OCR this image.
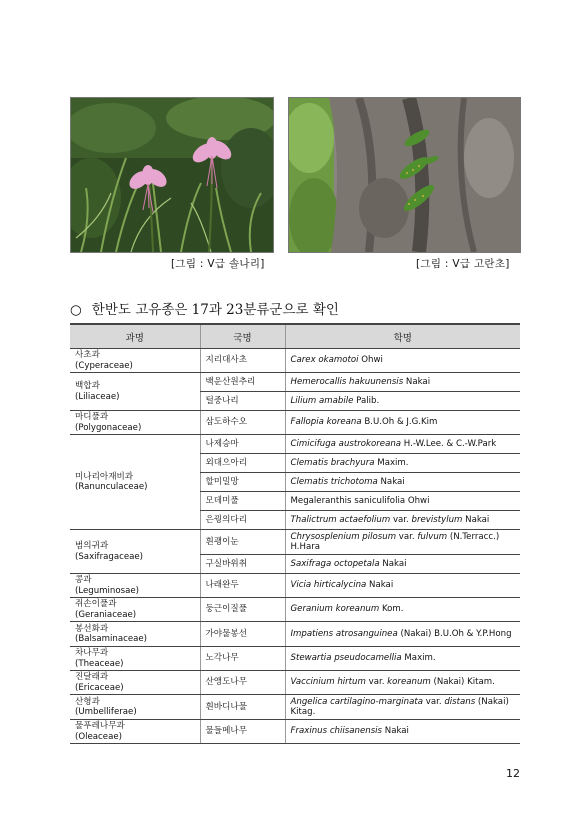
[그림 : Ⅴ급 솔나리]	[그림 : Ⅴ급 고란초]
○ 한반도 고유종은 17과 23분류군으로 확인
과명	국명	학명
사초과
(Cyperaceae)	지리대사초	Carex okamotoi Ohwi
백합과
(Liliaceae)	백운산원추리	Hemerocallis hakuunensis Nakai
	털중나리	Lilium amabile Palib.
마디풀과
(Polygonaceae)	삼도하수오	Fallopia koreana B.U.Oh & J.G.Kim
미나리아재비과
(Ranunculaceae)	나제승마	Cimicifuga austrokoreana H.-W.Lee. & C.-W.Park
	외대으아리	Clematis brachyura Maxim.
	할미밀망	Clematis trichotoma Nakai
	모데미풀	Megaleranthis saniculifolia Ohwi
	은꿩의다리	Thalictrum actaefolium var. brevistylum Nakai
범의귀과
(Saxifragaceae)	흰괭이눈	Chrysosplenium pilosum var. fulvum (N.Terracc.) H.Hara
	구실바위취	Saxifraga octopetala Nakai
콩과
(Leguminosae)	나래완두	Vicia hirticalycina Nakai
쥐손이풀과
(Geraniaceae)	둥근이질풀	Geranium koreanum Kom.
봉선화과
(Balsaminaceae)	가야물봉선	Impatiens atrosanguinea (Nakai) B.U.Oh & Y.P.Hong
차나무과
(Theaceae)	노각나무	Stewartia pseudocamellia Maxim.
진달래과
(Ericaceae)	산앵도나무	Vaccinium hirtum var. koreanum (Nakai) Kitam.
산형과
(Umbelliferae)	흰바디나물	Angelica cartilagino-marginata var. distans (Nakai) Kitag.
물푸레나무과
(Oleaceae)	물들메나무	Fraxinus chiisanensis Nakai
12
